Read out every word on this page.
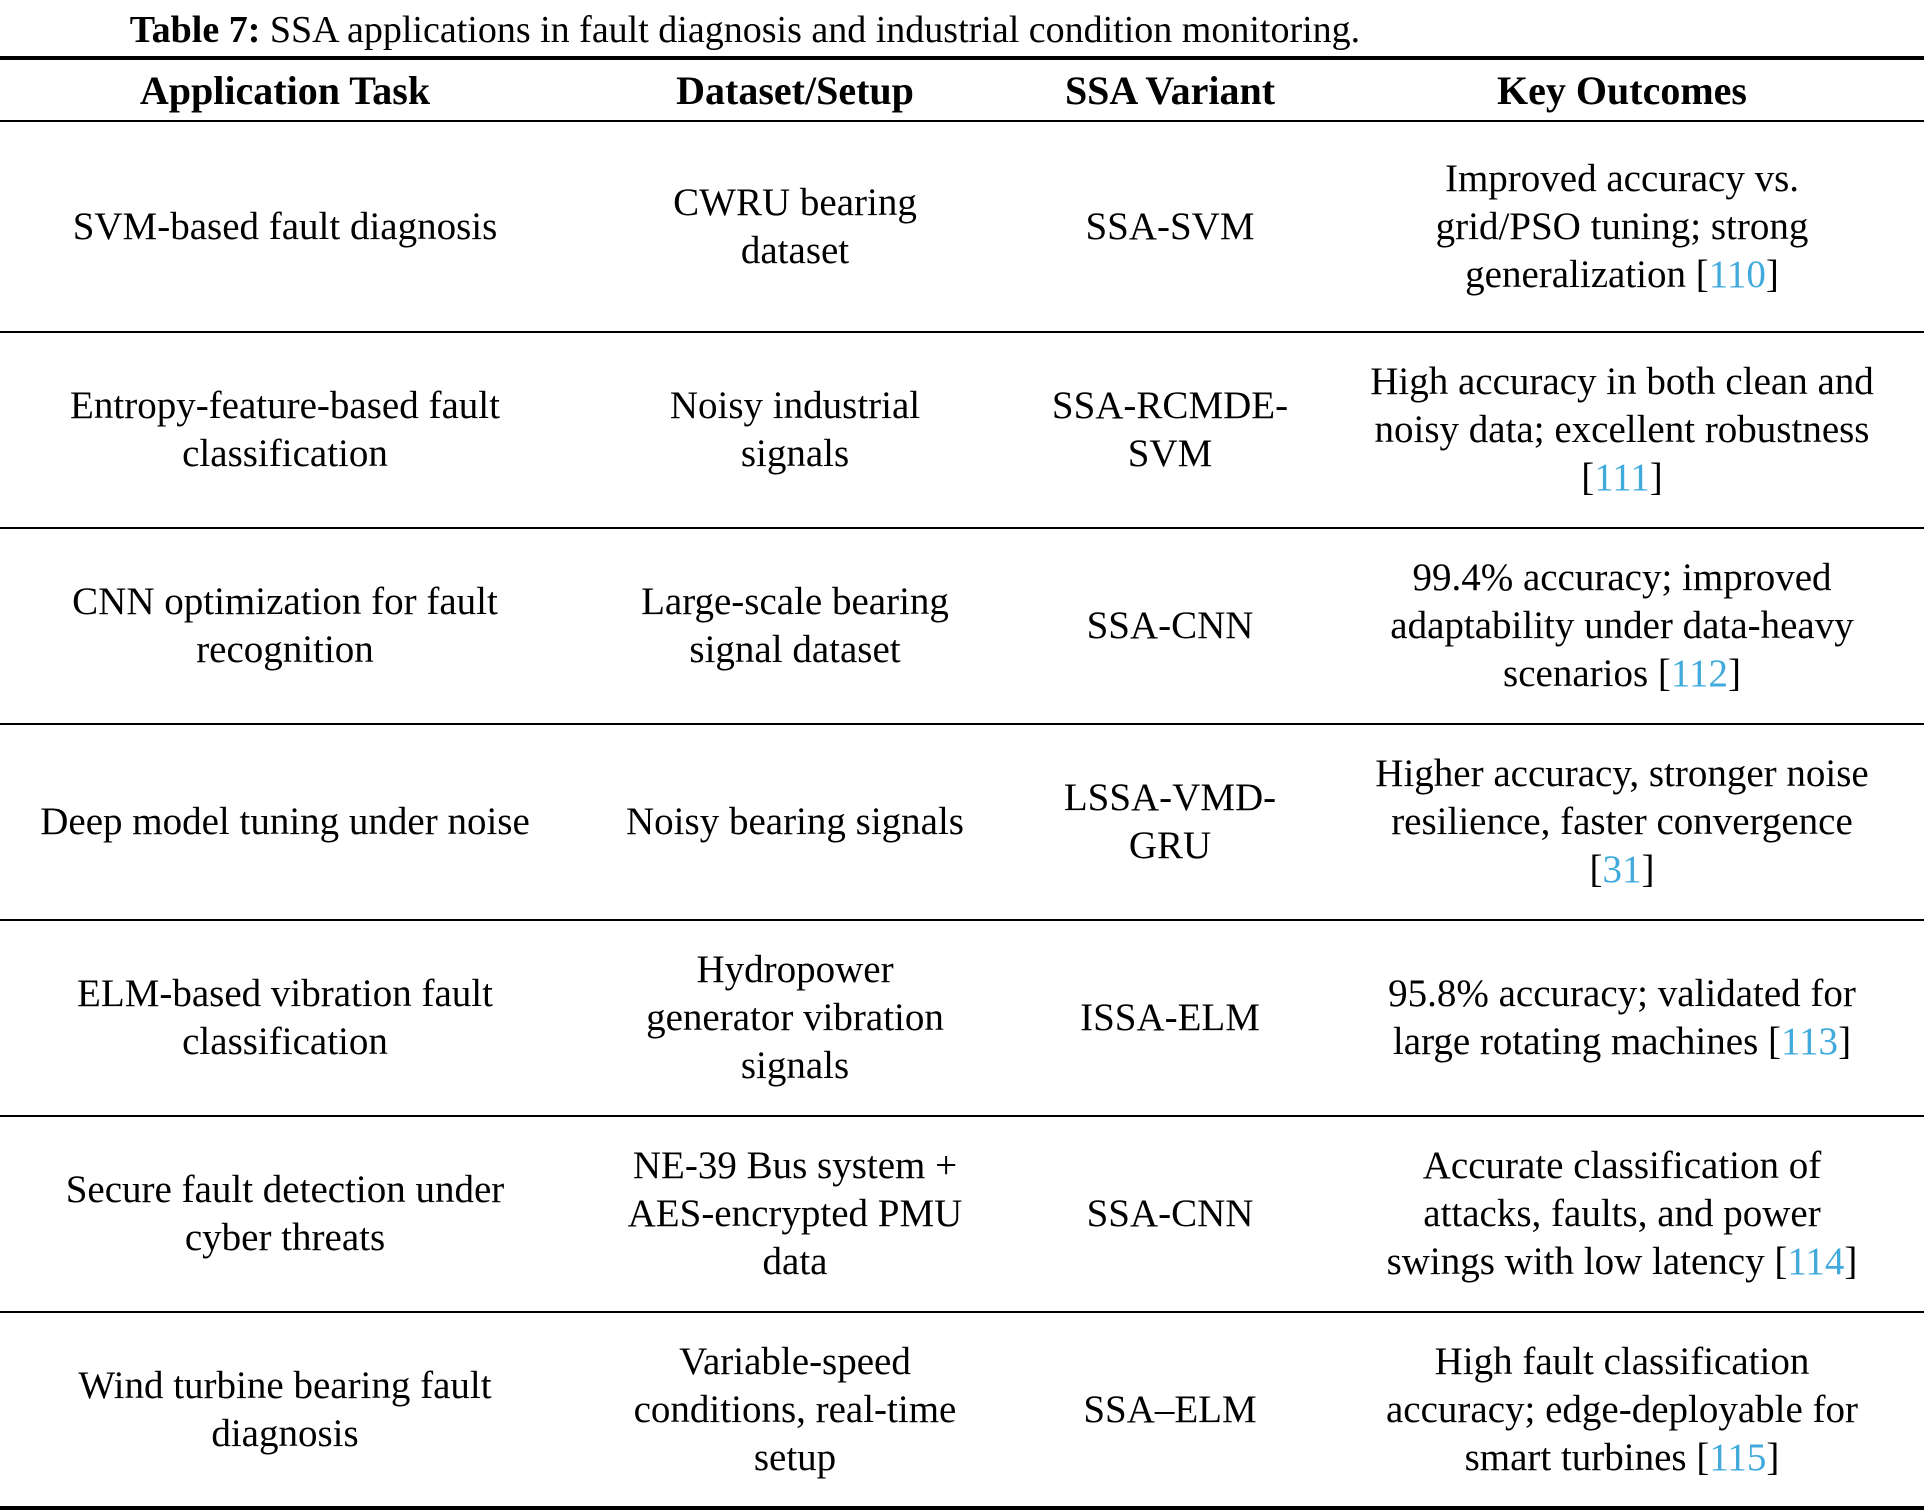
Table 7: SSA applications in fault diagnosis and industrial condition monitoring.
Application Task	Dataset/Setup	SSA Variant	Key Outcomes
SVM-based fault diagnosis	CWRU bearing dataset	SSA-SVM	Improved accuracy vs. grid/PSO tuning; strong generalization [110]
Entropy-feature-based fault classification	Noisy industrial signals	SSA-RCMDE-SVM	High accuracy in both clean and noisy data; excellent robustness [111]
CNN optimization for fault recognition	Large-scale bearing signal dataset	SSA-CNN	99.4% accuracy; improved adaptability under data-heavy scenarios [112]
Deep model tuning under noise	Noisy bearing signals	LSSA-VMD-GRU	Higher accuracy, stronger noise resilience, faster convergence [31]
ELM-based vibration fault classification	Hydropower generator vibration signals	ISSA-ELM	95.8% accuracy; validated for large rotating machines [113]
Secure fault detection under cyber threats	NE-39 Bus system + AES-encrypted PMU data	SSA-CNN	Accurate classification of attacks, faults, and power swings with low latency [114]
Wind turbine bearing fault diagnosis	Variable-speed conditions, real-time setup	SSA–ELM	High fault classification accuracy; edge-deployable for smart turbines [115]
